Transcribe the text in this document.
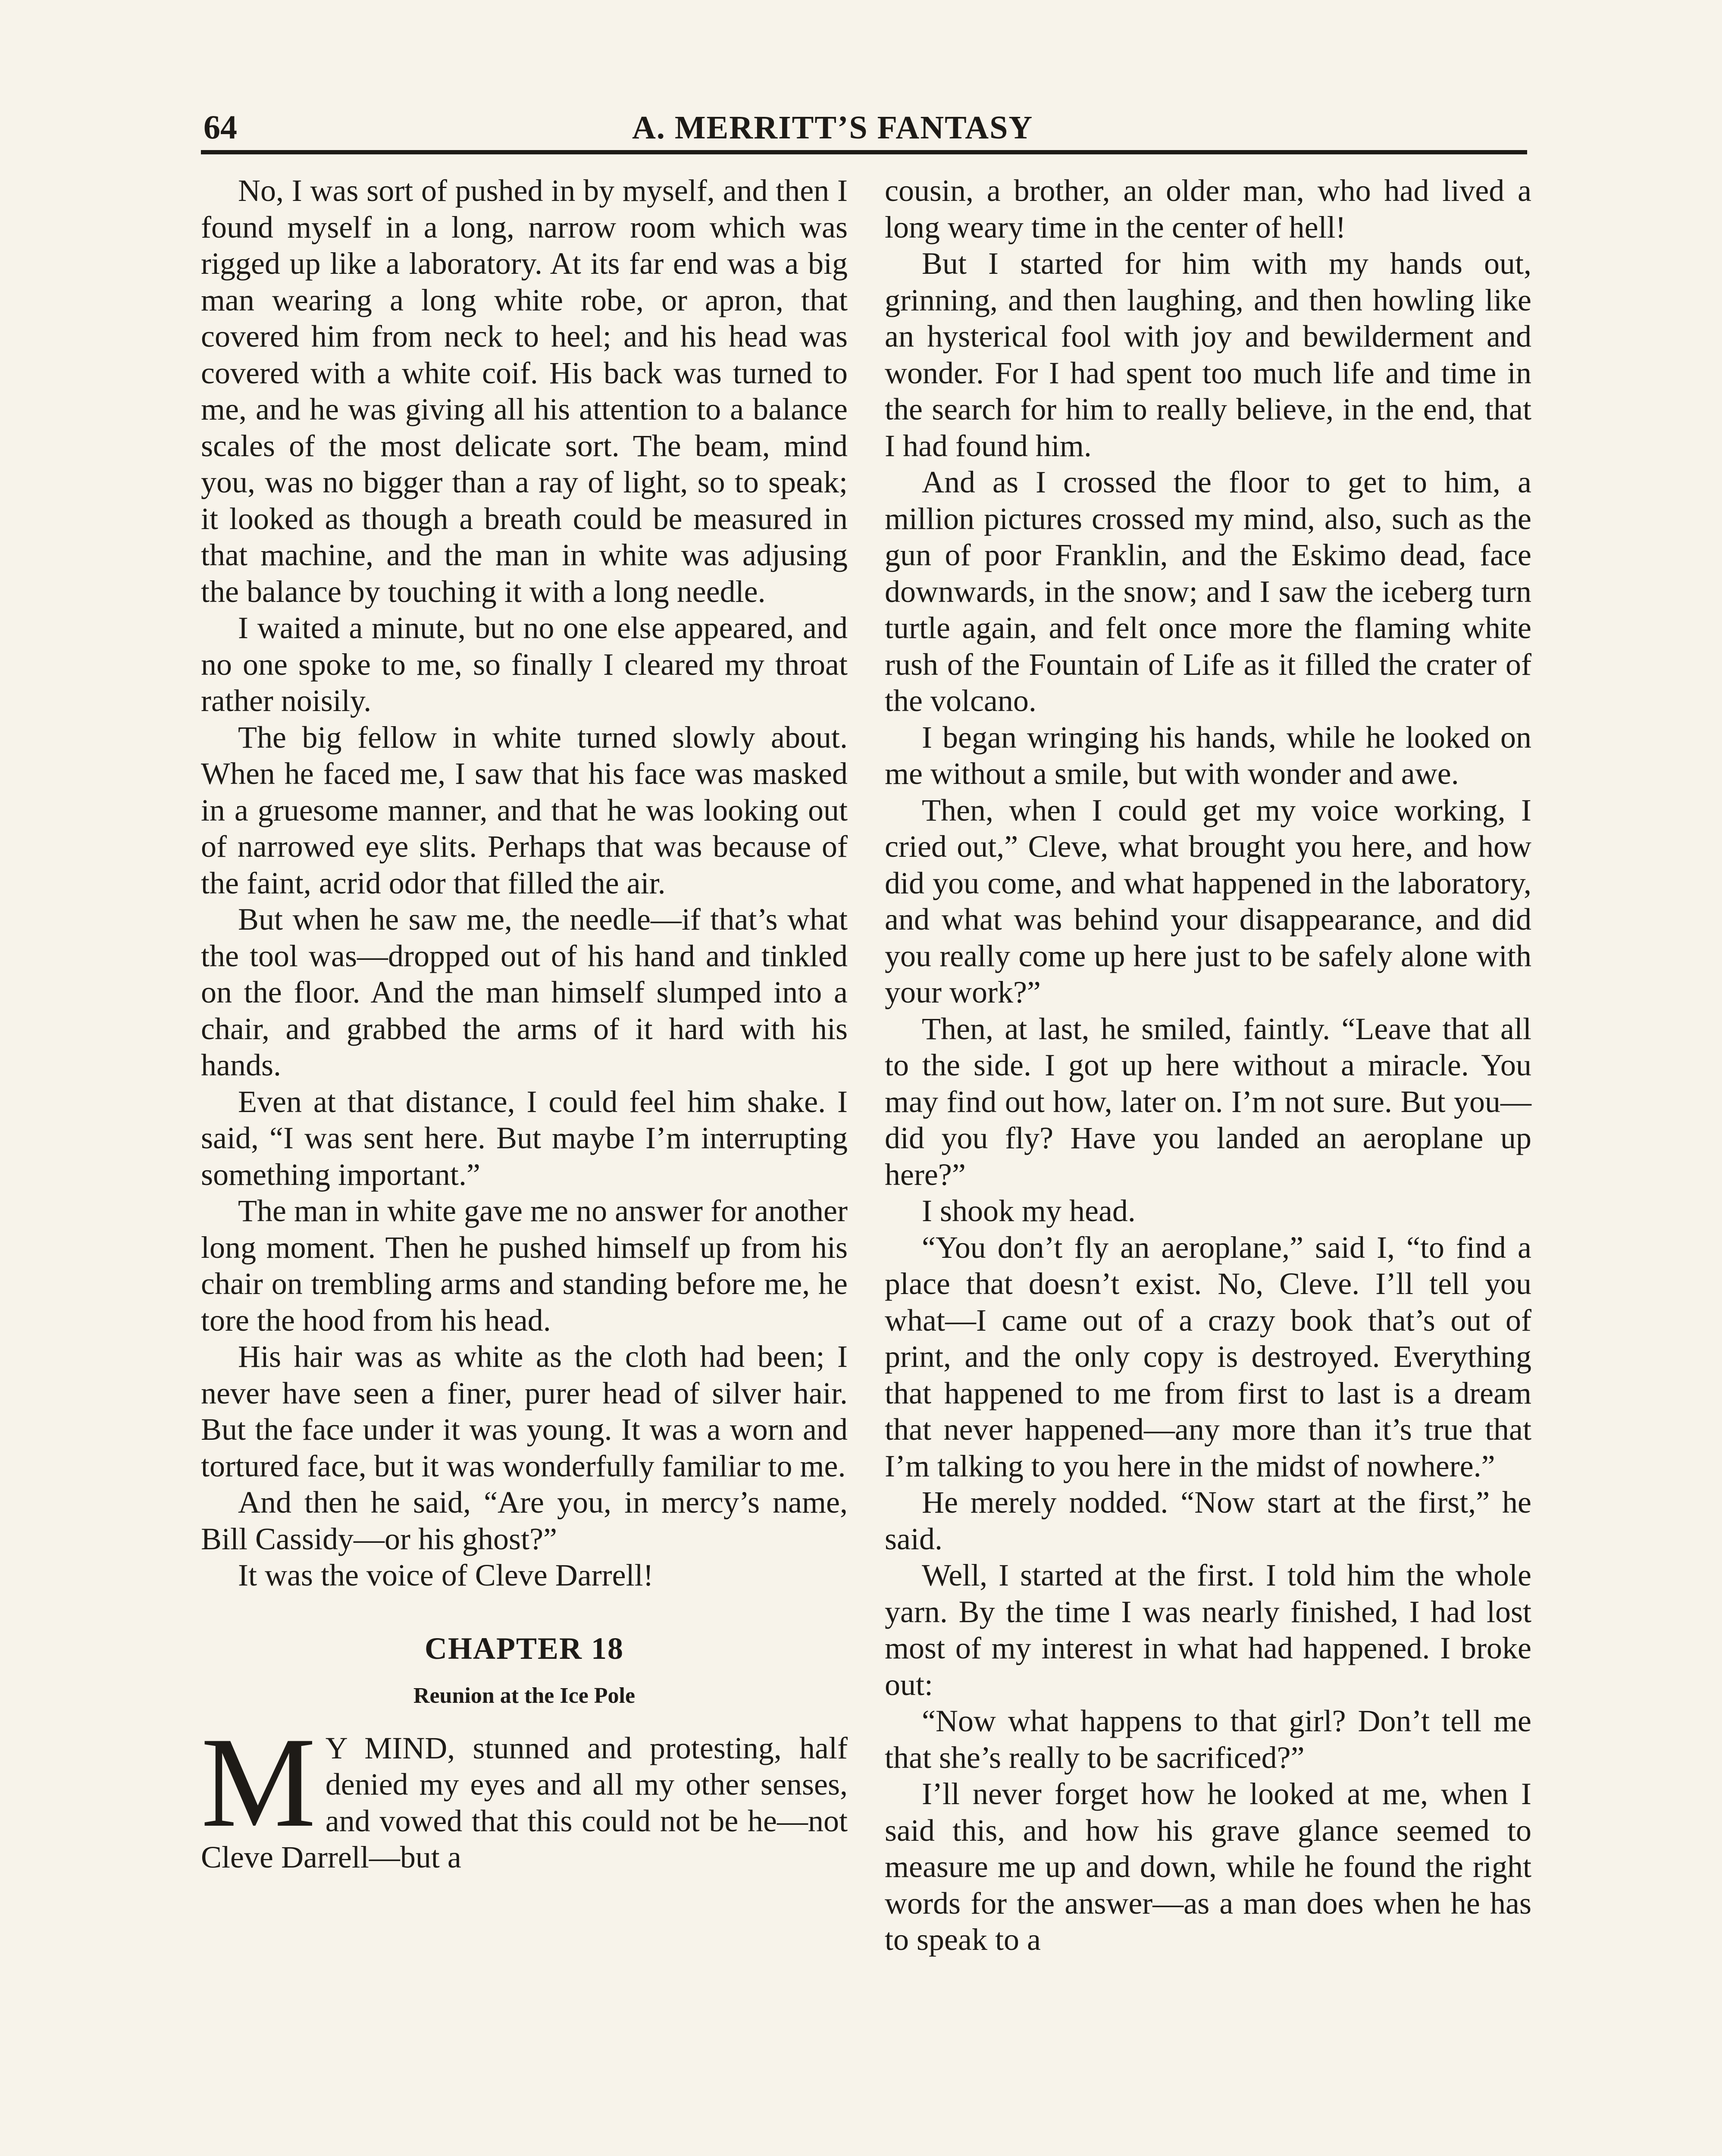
64	A. MERRITT’S FANTASY

No, I was sort of pushed in by myself, and then I found myself in a long, narrow room which was rigged up like a laboratory. At its far end was a big man wearing a long white robe, or apron, that covered him from neck to heel; and his head was covered with a white coif. His back was turned to me, and he was giving all his attention to a balance scales of the most delicate sort. The beam, mind you, was no bigger than a ray of light, so to speak; it looked as though a breath could be measured in that machine, and the man in white was adjusing the balance by touching it with a long needle.

I waited a minute, but no one else appeared, and no one spoke to me, so finally I cleared my throat rather noisily.

The big fellow in white turned slowly about. When he faced me, I saw that his face was masked in a gruesome manner, and that he was looking out of narrowed eye slits. Perhaps that was because of the faint, acrid odor that filled the air.

But when he saw me, the needle—if that’s what the tool was—dropped out of his hand and tinkled on the floor. And the man himself slumped into a chair, and grabbed the arms of it hard with his hands.

Even at that distance, I could feel him shake. I said, “I was sent here. But maybe I’m interrupting something important.”

The man in white gave me no answer for another long moment. Then he pushed himself up from his chair on trembling arms and standing before me, he tore the hood from his head.

His hair was as white as the cloth had been; I never have seen a finer, purer head of silver hair. But the face under it was young. It was a worn and tortured face, but it was wonderfully familiar to me.

And then he said, “Are you, in mercy’s name, Bill Cassidy—or his ghost?”

It was the voice of Cleve Darrell!

CHAPTER 18
Reunion at the Ice Pole

M Y MIND, stunned and protesting, half denied my eyes and all my other senses, and vowed that this could not be he—not Cleve Darrell—but a

cousin, a brother, an older man, who had lived a long weary time in the center of hell!

But I started for him with my hands out, grinning, and then laughing, and then howling like an hysterical fool with joy and bewilderment and wonder. For I had spent too much life and time in the search for him to really believe, in the end, that I had found him.

And as I crossed the floor to get to him, a million pictures crossed my mind, also, such as the gun of poor Franklin, and the Eskimo dead, face downwards, in the snow; and I saw the iceberg turn turtle again, and felt once more the flaming white rush of the Fountain of Life as it filled the crater of the volcano.

I began wringing his hands, while he looked on me without a smile, but with wonder and awe.

Then, when I could get my voice working, I cried out,” Cleve, what brought you here, and how did you come, and what happened in the laboratory, and what was behind your disappearance, and did you really come up here just to be safely alone with your work?”

Then, at last, he smiled, faintly. “Leave that all to the side. I got up here without a miracle. You may find out how, later on. I’m not sure. But you—did you fly? Have you landed an aeroplane up here?”

I shook my head.

“You don’t fly an aeroplane,” said I, “to find a place that doesn’t exist. No, Cleve. I’ll tell you what—I came out of a crazy book that’s out of print, and the only copy is destroyed. Everything that happened to me from first to last is a dream that never happened—any more than it’s true that I’m talking to you here in the midst of nowhere.”

He merely nodded. “Now start at the first,” he said.

Well, I started at the first. I told him the whole yarn. By the time I was nearly finished, I had lost most of my interest in what had happened. I broke out:

“Now what happens to that girl? Don’t tell me that she’s really to be sacrificed?”

I’ll never forget how he looked at me, when I said this, and how his grave glance seemed to measure me up and down, while he found the right words for the answer—as a man does when he has to speak to a
